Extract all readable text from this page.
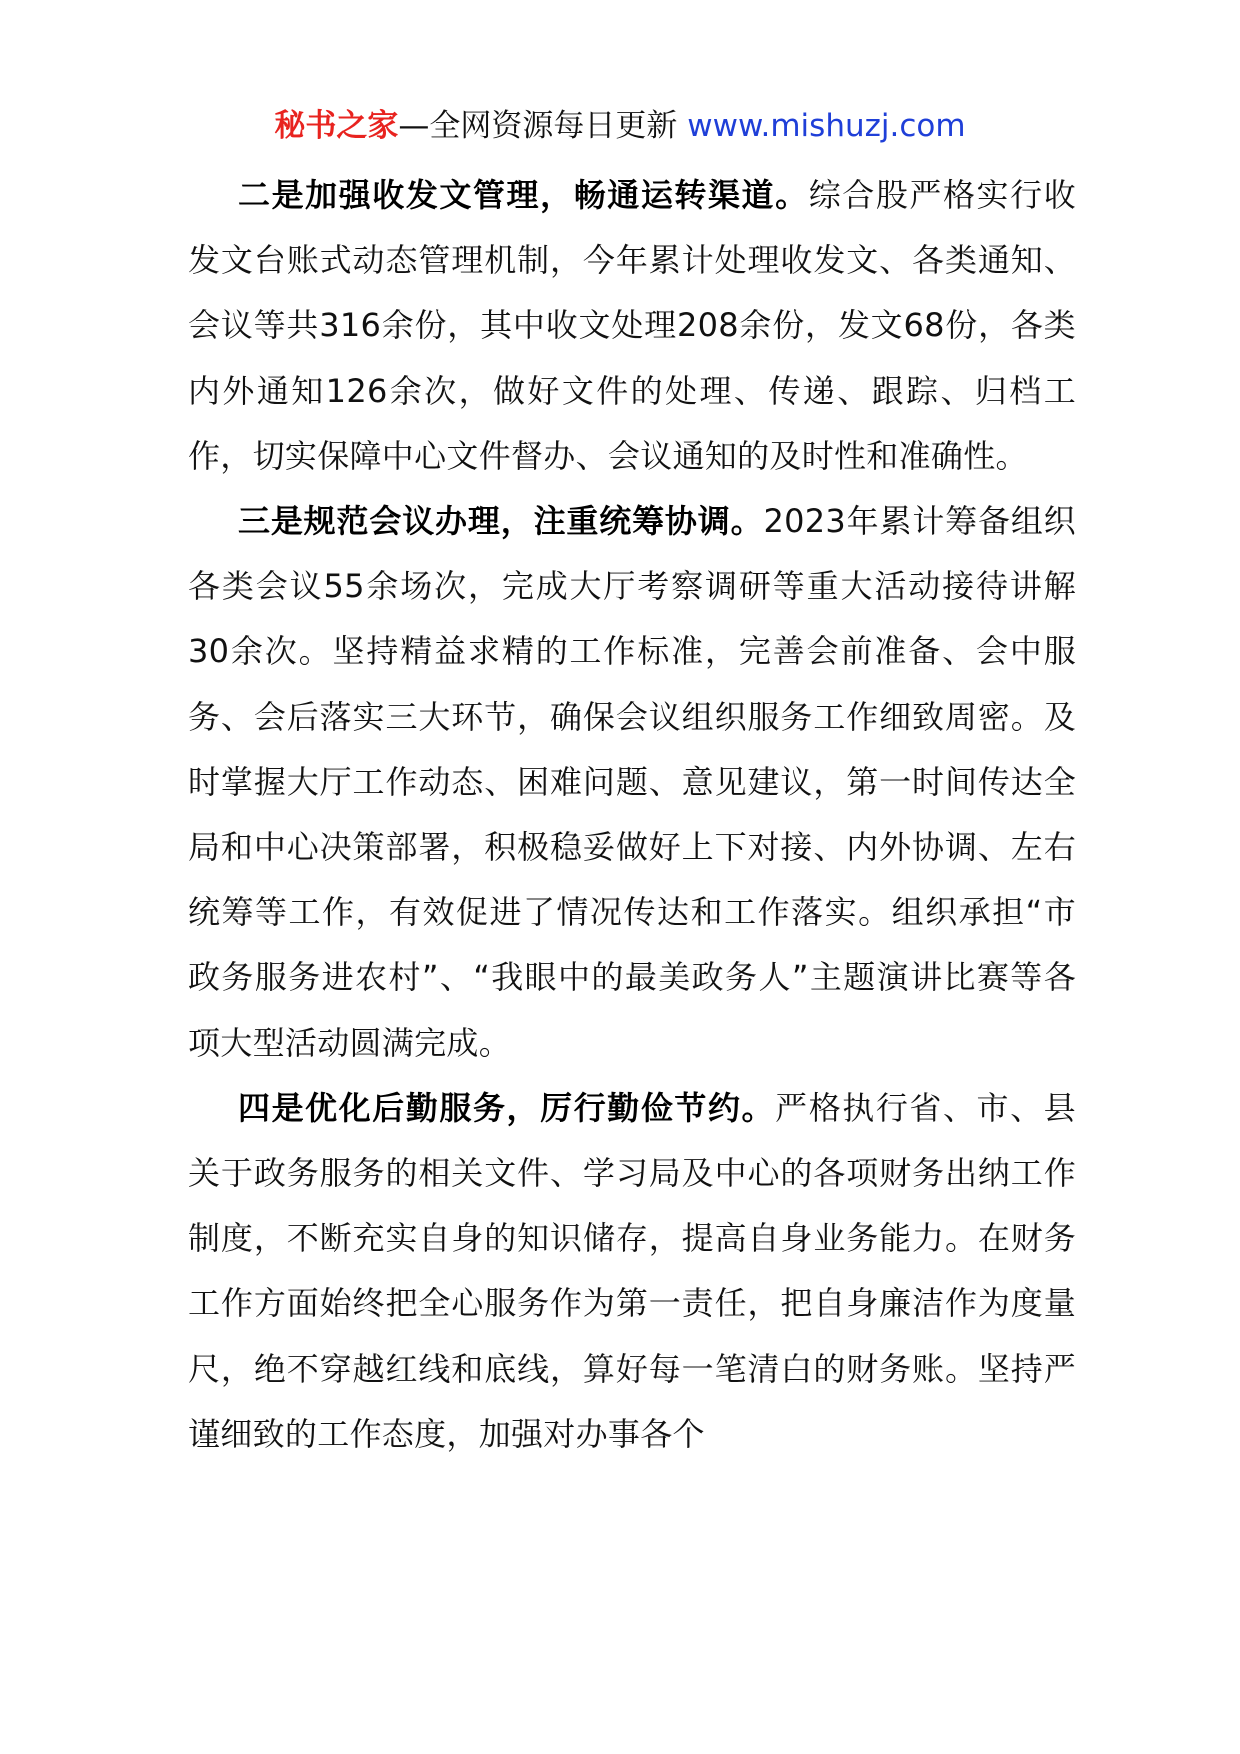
秘书之家—全网资源每日更新 www.mishuzj.com

二是加强收发文管理，畅通运转渠道。综合股严格实行收发文台账式动态管理机制，今年累计处理收发文、各类通知、会议等共316余份，其中收文处理208余份，发文68份，各类内外通知126余次，做好文件的处理、传递、跟踪、归档工作，切实保障中心文件督办、会议通知的及时性和准确性。

三是规范会议办理，注重统筹协调。2023年累计筹备组织各类会议55余场次，完成大厅考察调研等重大活动接待讲解30余次。坚持精益求精的工作标准，完善会前准备、会中服务、会后落实三大环节，确保会议组织服务工作细致周密。及时掌握大厅工作动态、困难问题、意见建议，第一时间传达全局和中心决策部署，积极稳妥做好上下对接、内外协调、左右统筹等工作，有效促进了情况传达和工作落实。组织承担“市政务服务进农村”、“我眼中的最美政务人”主题演讲比赛等各项大型活动圆满完成。

四是优化后勤服务，厉行勤俭节约。严格执行省、市、县关于政务服务的相关文件、学习局及中心的各项财务出纳工作制度，不断充实自身的知识储存，提高自身业务能力。在财务工作方面始终把全心服务作为第一责任，把自身廉洁作为度量尺，绝不穿越红线和底线，算好每一笔清白的财务账。坚持严谨细致的工作态度，加强对办事各个
